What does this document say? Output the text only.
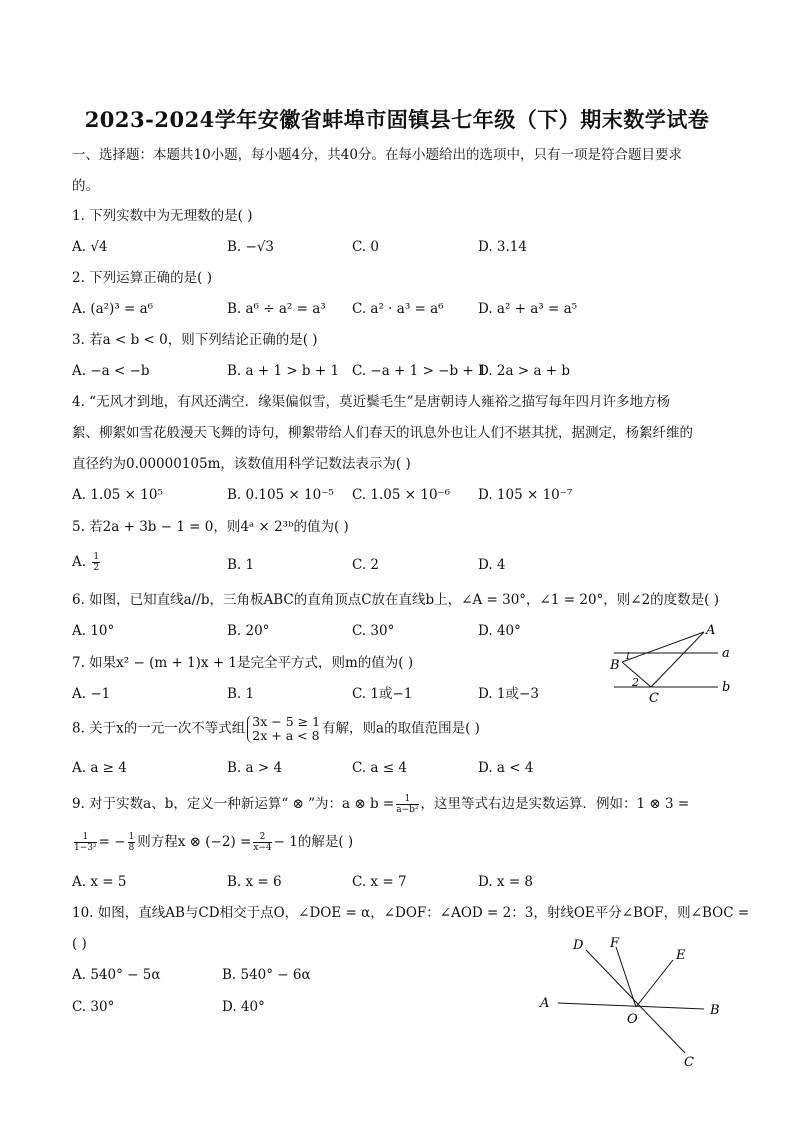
2023-2024学年安徽省蚌埠市固镇县七年级（下）期末数学试卷
一、选择题：本题共10小题，每小题4分，共40分。在每小题给出的选项中，只有一项是符合题目要求
的。
1. 下列实数中为无理数的是( )
A. √4	B. −√3	C. 0	D. 3.14
2. 下列运算正确的是( )
A. (a²)³ = a⁶	B. a⁶ ÷ a² = a³ C. a² · a³ = a⁶	D. a² + a³ = a⁵
3. 若a < b < 0，则下列结论正确的是( )
A. −a < −b	B. a + 1 > b + 1 C. −a + 1 > −b + 1
D. 2a > a + b
4. “无风才到地，有风还满空．缘渠偏似雪，莫近鬓毛生”是唐朝诗人雍裕之描写每年四月许多地方杨
絮、柳絮如雪花般漫天飞舞的诗句，柳絮带给人们春天的讯息外也让人们不堪其扰，据测定，杨絮纤维的
直径约为0.00000105m，该数值用科学记数法表示为( )
A. 1.05 × 10⁵	B. 0.105 × 10⁻⁵ C. 1.05 × 10⁻⁶ D. 105 × 10⁻⁷
5. 若2a + 3b − 1 = 0，则4ᵃ × 2³ᵇ的值为( )
A. $\frac{1}{2}$	B. 1	C. 2	D. 4
6. 如图，已知直线a//b，三角板ABC的直角顶点C放在直线b上，∠A = 30°，∠1 = 20°，则∠2的度数是( )
A. 10°	B. 20°	C. 30°	D. 40°	A
B
C
a
b
1
2
7. 如果x² − (m + 1)x + 1是完全平方式，则m的值为( )
A. −1	B. 1	C. 1或−1	D. 1或−3
8. 关于x的一元一次不等式组 3x − 5 ≥ 1
2x + a < 8 有解，则a的取值范围是( )
A. a ≥ 4	B. a > 4	C. a ≤ 4	D. a < 4
9. 对于实数a、b，定义一种新运算“ ⊗ ”为：a ⊗ $b = \frac{1}{\text{a−b²}}$ ，这里等式右边是实数运算．例如：1 ⊗ 3 =
$\frac{1}{\text{1−3²}}$ = − $\frac{1}{8}$ 则方程x ⊗ $(-2) = \frac{2}{x-4} - 1$的解是( )
A. x = 5	B. x = 6	C. x = 7	D. x = 8
10. 如图，直线AB与CD相交于点O，∠DOE = α，∠DOF：∠AOD = 2：3，射线OE平分∠BOF，则∠BOC =
( )
A. 540° − 5α	B. 540° − 6α
C. 30°	D. 40°	A	B
C
D
E
F
O
